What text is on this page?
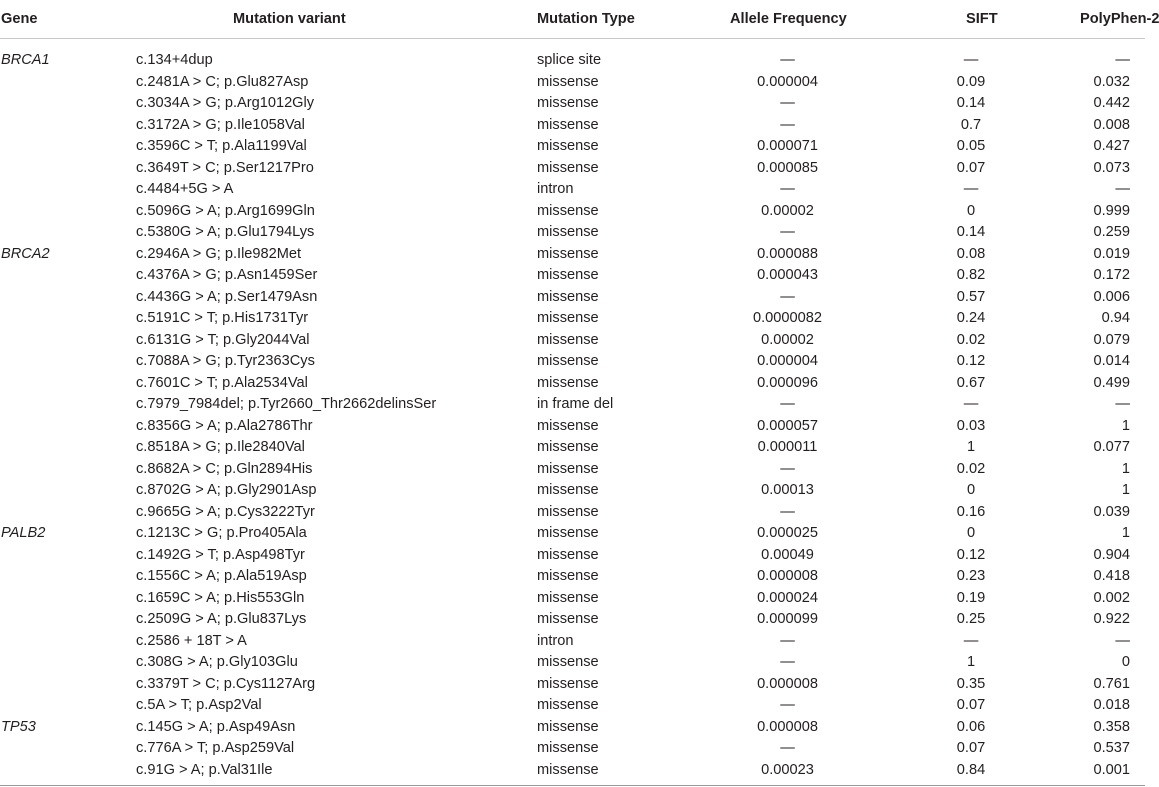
Gene	Mutation variant	Mutation Type	Allele Frequency	SIFT	PolyPhen-2
BRCA1	c.134+4dup	splice site	—	—	—
	c.2481A > C; p.Glu827Asp	missense	0.000004	0.09	0.032
	c.3034A > G; p.Arg1012Gly	missense	—	0.14	0.442
	c.3172A > G; p.Ile1058Val	missense	—	0.7	0.008
	c.3596C > T; p.Ala1199Val	missense	0.000071	0.05	0.427
	c.3649T > C; p.Ser1217Pro	missense	0.000085	0.07	0.073
	c.4484+5G > A	intron	—	—	—
	c.5096G > A; p.Arg1699Gln	missense	0.00002	0	0.999
	c.5380G > A; p.Glu1794Lys	missense	—	0.14	0.259
BRCA2	c.2946A > G; p.Ile982Met	missense	0.000088	0.08	0.019
	c.4376A > G; p.Asn1459Ser	missense	0.000043	0.82	0.172
	c.4436G > A; p.Ser1479Asn	missense	—	0.57	0.006
	c.5191C > T; p.His1731Tyr	missense	0.0000082	0.24	0.94
	c.6131G > T; p.Gly2044Val	missense	0.00002	0.02	0.079
	c.7088A > G; p.Tyr2363Cys	missense	0.000004	0.12	0.014
	c.7601C > T; p.Ala2534Val	missense	0.000096	0.67	0.499
	c.7979_7984del; p.Tyr2660_Thr2662delinsSer	in frame del	—	—	—
	c.8356G > A; p.Ala2786Thr	missense	0.000057	0.03	1
	c.8518A > G; p.Ile2840Val	missense	0.000011	1	0.077
	c.8682A > C; p.Gln2894His	missense	—	0.02	1
	c.8702G > A; p.Gly2901Asp	missense	0.00013	0	1
	c.9665G > A; p.Cys3222Tyr	missense	—	0.16	0.039
PALB2	c.1213C > G; p.Pro405Ala	missense	0.000025	0	1
	c.1492G > T; p.Asp498Tyr	missense	0.00049	0.12	0.904
	c.1556C > A; p.Ala519Asp	missense	0.000008	0.23	0.418
	c.1659C > A; p.His553Gln	missense	0.000024	0.19	0.002
	c.2509G > A; p.Glu837Lys	missense	0.000099	0.25	0.922
	c.2586 + 18T > A	intron	—	—	—
	c.308G > A; p.Gly103Glu	missense	—	1	0
	c.3379T > C; p.Cys1127Arg	missense	0.000008	0.35	0.761
	c.5A > T; p.Asp2Val	missense	—	0.07	0.018
TP53	c.145G > A; p.Asp49Asn	missense	0.000008	0.06	0.358
	c.776A > T; p.Asp259Val	missense	—	0.07	0.537
	c.91G > A; p.Val31Ile	missense	0.00023	0.84	0.001
